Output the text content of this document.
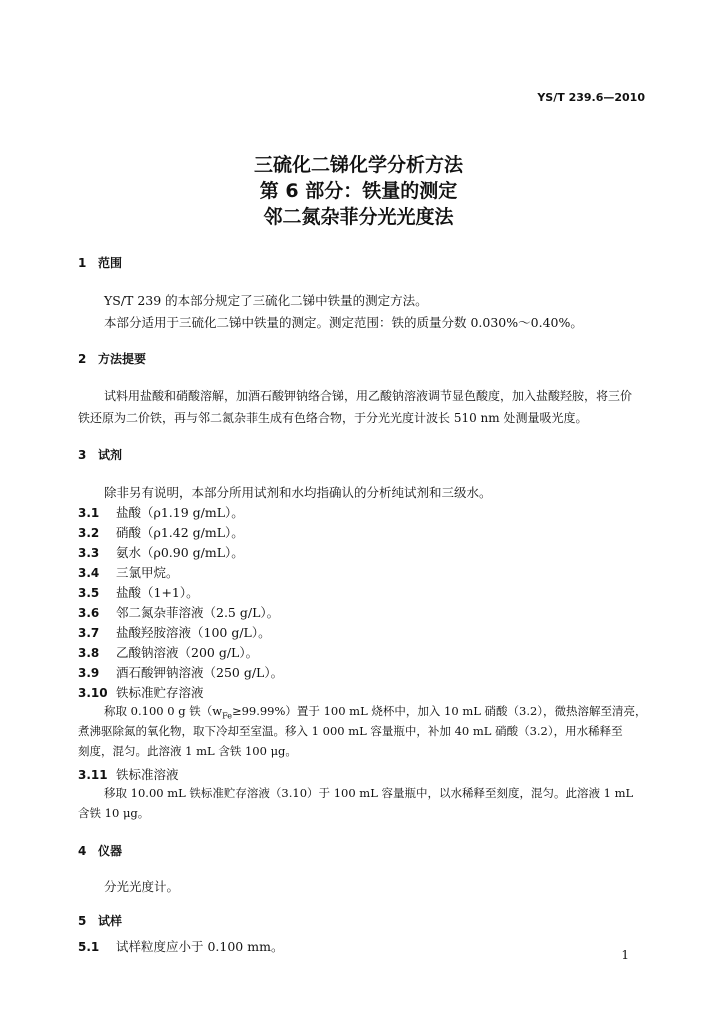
YS/T 239.6—2010
三硫化二锑化学分析方法
第 6 部分：铁量的测定
邻二氮杂菲分光光度法
1 范围
YS/T 239 的本部分规定了三硫化二锑中铁量的测定方法。
本部分适用于三硫化二锑中铁量的测定。测定范围：铁的质量分数 0.030%～0.40%。
2 方法提要
试料用盐酸和硝酸溶解，加酒石酸钾钠络合锑，用乙酸钠溶液调节显色酸度，加入盐酸羟胺，将三价
铁还原为二价铁，再与邻二氮杂菲生成有色络合物，于分光光度计波长 510 nm 处测量吸光度。
3 试剂
除非另有说明，本部分所用试剂和水均指确认的分析纯试剂和三级水。
3.1 盐酸（ρ1.19 g/mL）。
3.2 硝酸（ρ1.42 g/mL）。
3.3 氨水（ρ0.90 g/mL）。
3.4 三氯甲烷。
3.5 盐酸（1+1）。
3.6 邻二氮杂菲溶液（2.5 g/L）。
3.7 盐酸羟胺溶液（100 g/L）。
3.8 乙酸钠溶液（200 g/L）。
3.9 酒石酸钾钠溶液（250 g/L）。
3.10 铁标准贮存溶液
称取 0.100 0 g 铁$(w_{Fe}\ge 99.99\%)$置于 100 mL 烧杯中，加入 10 mL 硝酸（3.2），微热溶解至清亮，
煮沸驱除氮的氧化物，取下冷却至室温。移入 1 000 mL 容量瓶中，补加 40 mL 硝酸（3.2），用水稀释至
刻度，混匀。此溶液 1 mL 含铁 100 μg。
3.11 铁标准溶液
移取 10.00 mL 铁标准贮存溶液（3.10）于 100 mL 容量瓶中，以水稀释至刻度，混匀。此溶液 1 mL
含铁 10 μg。
4 仪器
分光光度计。
5 试样
5.1 试样粒度应小于 0.100 mm。
1
